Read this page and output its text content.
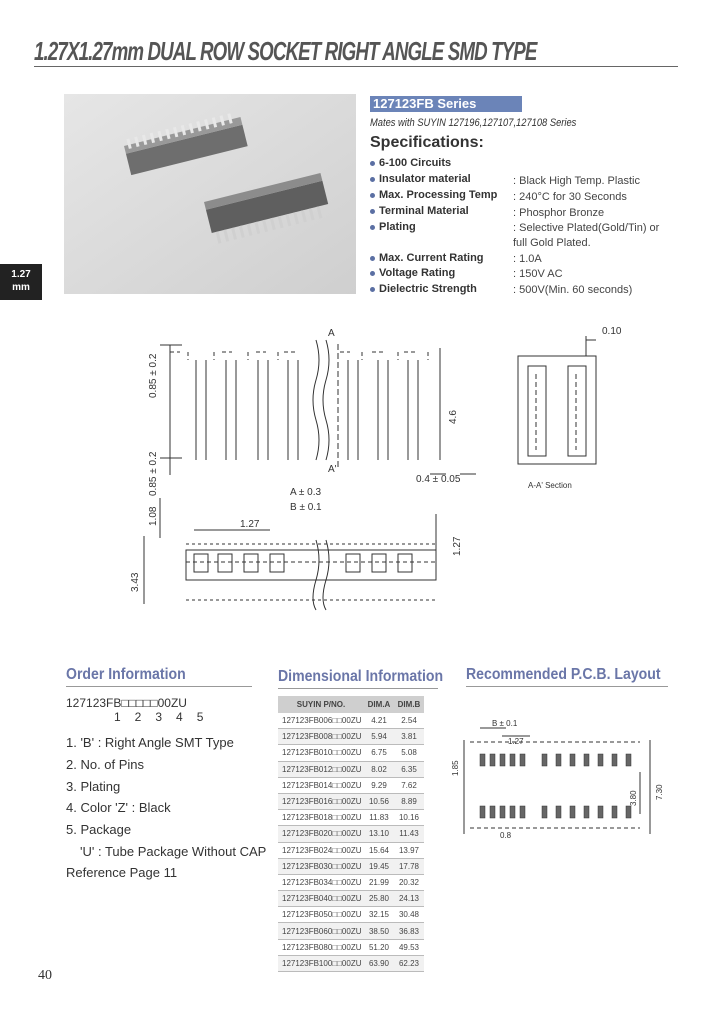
1.27X1.27mm DUAL ROW SOCKET RIGHT ANGLE SMD TYPE
1.27
mm
127123FB Series
Mates with SUYIN 127196,127107,127108 Series
Specifications:
6-100 Circuits
Insulator material	: Black High Temp. Plastic
Max. Processing Temp : 240°C for 30 Seconds
Terminal Material	: Phosphor Bronze
Plating	: Selective Plated(Gold/Tin) or
full Gold Plated.
Max. Current Rating	: 1.0A
Voltage Rating	: 150V AC
Dielectric Strength	: 500V(Min. 60 seconds)
0.85 ± 0.2
0.85 ± 0.2
1.08
3.43
1.27
1.27
4.6
0.4 ± 0.05
A ± 0.3
B ± 0.1
A
A'
0.10
A-A' Section
Order Information
127123FB□□□□□00ZU
12345
1. 'B' : Right Angle SMT Type
2. No. of Pins
3. Plating
4. Color 'Z' : Black
5. Package
'U' : Tube Package Without CAP
Reference Page 11
Dimensional Information
SUYIN P/NO.	DIM.A	DIM.B
127123FB006□□00ZU	4.21	2.54
127123FB008□□00ZU	5.94	3.81
127123FB010□□00ZU	6.75	5.08
127123FB012□□00ZU	8.02	6.35
127123FB014□□00ZU	9.29	7.62
127123FB016□□00ZU	10.56	8.89
127123FB018□□00ZU	11.83	10.16
127123FB020□□00ZU	13.10	11.43
127123FB024□□00ZU	15.64	13.97
127123FB030□□00ZU	19.45	17.78
127123FB034□□00ZU	21.99	20.32
127123FB040□□00ZU	25.80	24.13
127123FB050□□00ZU	32.15	30.48
127123FB060□□00ZU	38.50	36.83
127123FB080□□00ZU	51.20	49.53
127123FB100□□00ZU	63.90	62.23
Recommended P.C.B. Layout
B ± 0.1
1.27
1.85
3.80 7.30
0.8
40
